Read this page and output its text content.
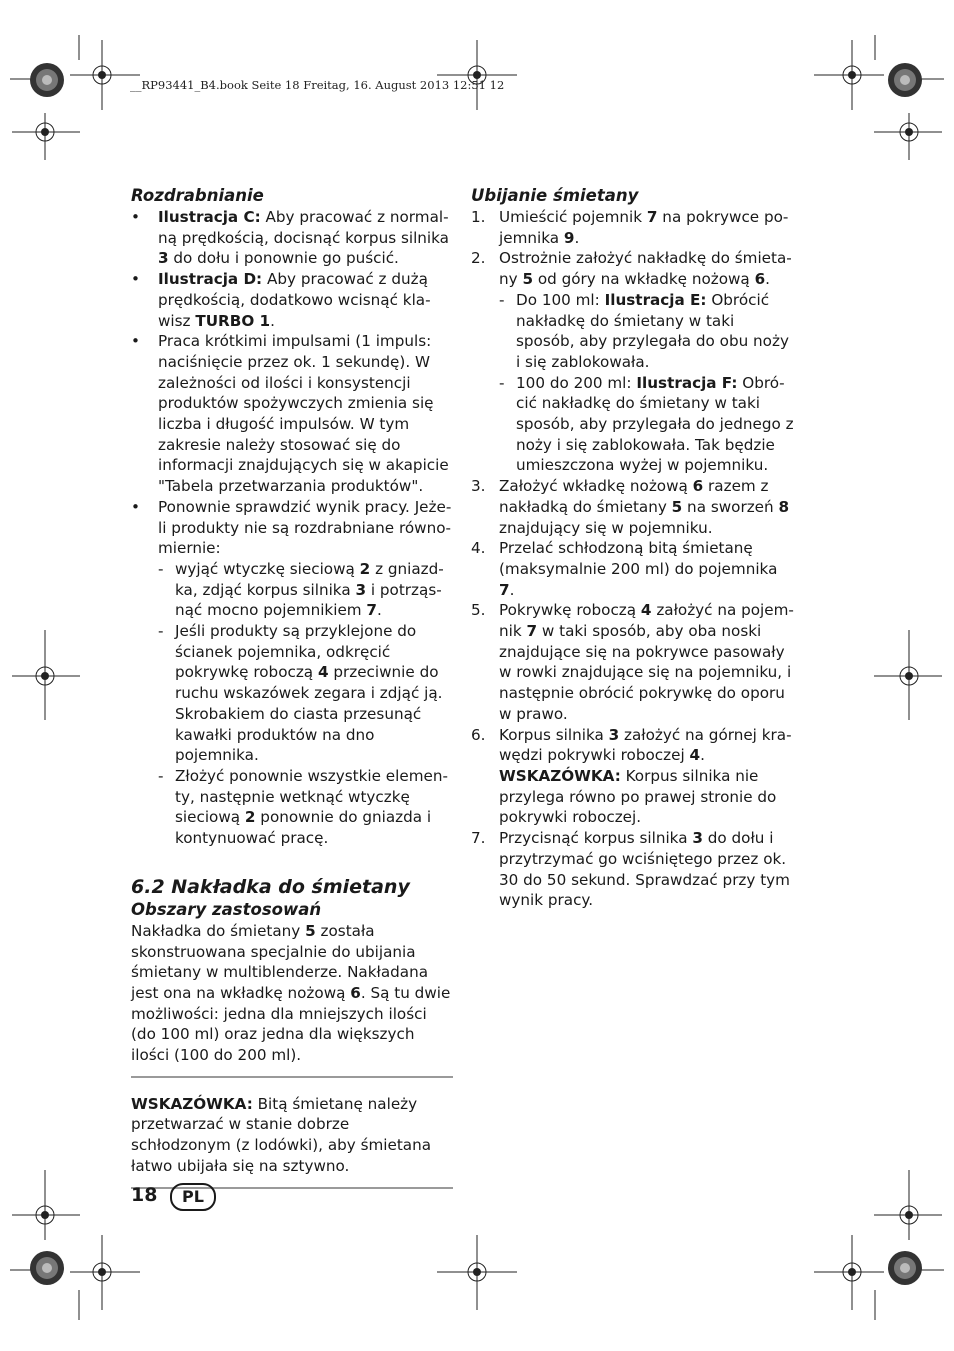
__RP93441_B4.book Seite 18 Freitag, 16. August 2013 12:51 12
Rozdrabnianie
• Ilustracja C: Aby pracować z normalną prędkością, docisnąć korpus silnika 3 do dołu i ponownie go puścić.
• Ilustracja D: Aby pracować z dużą prędkością, dodatkowo wcisnąć klawisz TURBO 1.
• Praca krótkimi impulsami (1 impuls: naciśnięcie przez ok. 1 sekundę). W zależności od ilości i konsystencji produktów spożywczych zmienia się liczba i długość impulsów. W tym zakresie należy stosować się do informacji znajdujących się w akapicie "Tabela przetwarzania produktów".
• Ponownie sprawdzić wynik pracy. Jeżeli produkty nie są rozdrabniane równomiernie:
- wyjąć wtyczkę sieciową 2 z gniazdka, zdjąć korpus silnika 3 i potrząsnąć mocno pojemnikiem 7.
- Jeśli produkty są przyklejone do ścianek pojemnika, odkręcić pokrywkę roboczą 4 przeciwnie do ruchu wskazówek zegara i zdjąć ją. Skrobakiem do ciasta przesunąć kawałki produktów na dno pojemnika.
- Złożyć ponownie wszystkie elementy, następnie wetknąć wtyczkę sieciową 2 ponownie do gniazda i kontynuować pracę.
6.2 Nakładka do śmietany
Obszary zastosowań

Nakładka do śmietany 5 została skonstruowana specjalnie do ubijania śmietany w multiblenderze. Nakładana jest ona na wkładkę nożową 6. Są tu dwie możliwości: jedna dla mniejszych ilości (do 100 ml) oraz jedna dla większych ilości (100 do 200 ml).

WSKAZÓWKA: Bitą śmietanę należy przetwarzać w stanie dobrze schłodzonym (z lodówki), aby śmietana łatwo ubijała się na sztywno.

Ubijanie śmietany
1. Umieścić pojemnik 7 na pokrywce pojemnika 9.
2. Ostrożnie założyć nakładkę do śmietany 5 od góry na wkładkę nożową 6.
- Do 100 ml: Ilustracja E: Obrócić nakładkę do śmietany w taki sposób, aby przylegała do obu noży i się zablokowała.
- 100 do 200 ml: Ilustracja F: Obrócić nakładkę do śmietany w taki sposób, aby przylegała do jednego z noży i się zablokowała. Tak będzie umieszczona wyżej w pojemniku.
3. Założyć wkładkę nożową 6 razem z nakładką do śmietany 5 na sworzeń 8 znajdujący się w pojemniku.
4. Przelać schłodzoną bitą śmietanę (maksymalnie 200 ml) do pojemnika 7.
5. Pokrywkę roboczą 4 założyć na pojemnik 7 w taki sposób, aby oba noski znajdujące się na pokrywce pasowały w rowki znajdujące się na pojemniku, i następnie obrócić pokrywkę do oporu w prawo.
6. Korpus silnika 3 założyć na górnej krawędzi pokrywki roboczej 4.
WSKAZÓWKA: Korpus silnika nie przylega równo po prawej stronie do pokrywki roboczej.
7. Przycisnąć korpus silnika 3 do dołu i przytrzymać go wciśniętego przez ok. 30 do 50 sekund. Sprawdzać przy tym wynik pracy.
18	PL
